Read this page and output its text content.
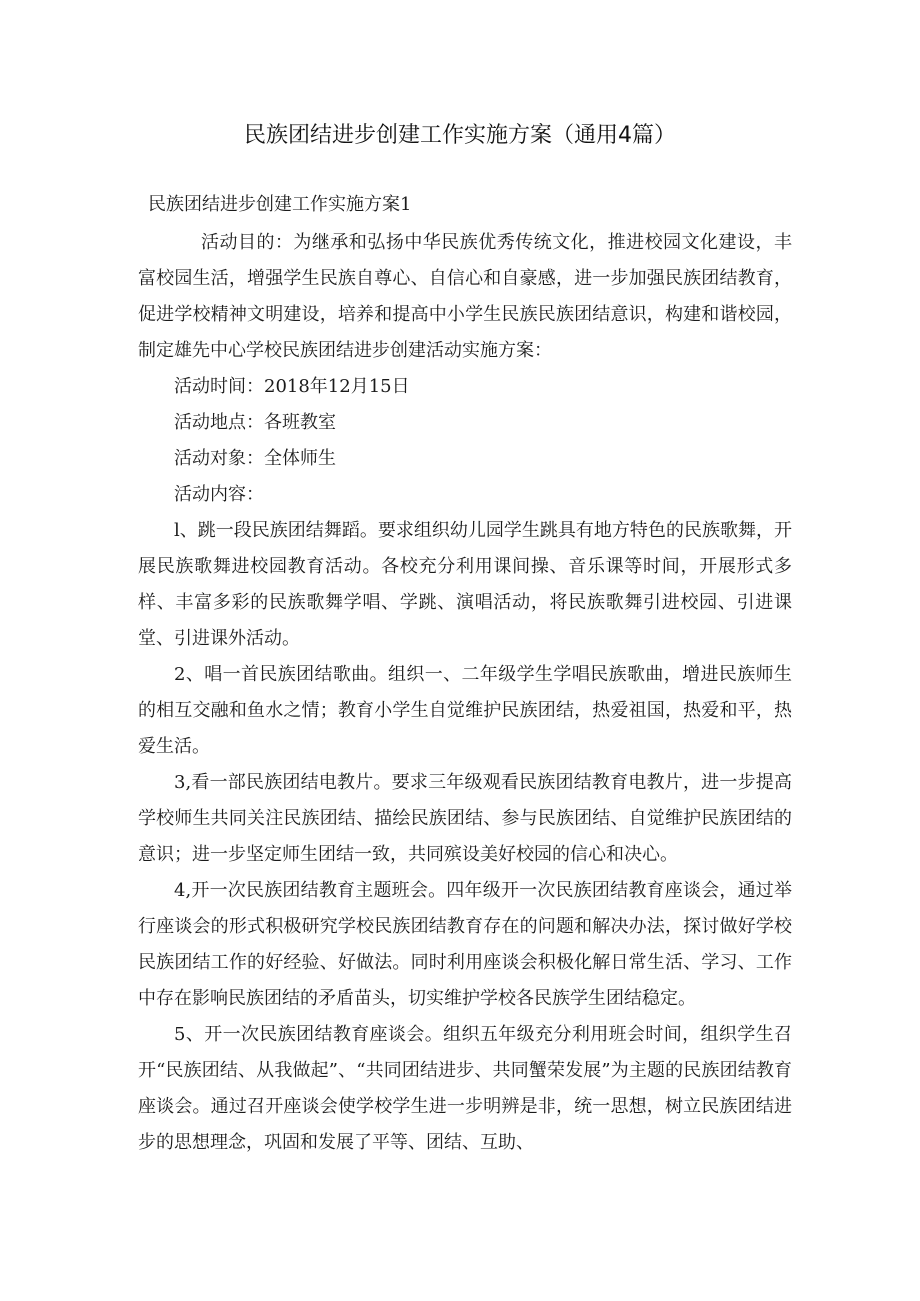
民族团结进步创建工作实施方案（通用4篇）
民族团结进步创建工作实施方案1

活动目的：为继承和弘扬中华民族优秀传统文化，推进校园文化建设，丰富校园生活，增强学生民族自尊心、自信心和自豪感，进一步加强民族团结教育，促进学校精神文明建设，培养和提高中小学生民族民族团结意识，构建和谐校园，制定雄先中心学校民族团结进步创建活动实施方案：

活动时间：2018年12月15日

活动地点：各班教室

活动对象：全体师生

活动内容：

l、跳一段民族团结舞蹈。要求组织幼儿园学生跳具有地方特色的民族歌舞，开展民族歌舞进校园教育活动。各校充分利用课间操、音乐课等时间，开展形式多样、丰富多彩的民族歌舞学唱、学跳、演唱活动，将民族歌舞引进校园、引进课堂、引进课外活动。

2、唱一首民族团结歌曲。组织一、二年级学生学唱民族歌曲，增进民族师生的相互交融和鱼水之情；教育小学生自觉维护民族团结，热爱祖国，热爱和平，热爱生活。

3,看一部民族团结电教片。要求三年级观看民族团结教育电教片，进一步提高学校师生共同关注民族团结、描绘民族团结、参与民族团结、自觉维护民族团结的意识；进一步坚定师生团结一致，共同殡设美好校园的信心和决心。

4,开一次民族团结教育主题班会。四年级开一次民族团结教育座谈会，通过举行座谈会的形式积极研究学校民族团结教育存在的问题和解决办法，探讨做好学校民族团结工作的好经验、好做法。同时利用座谈会积极化解日常生活、学习、工作中存在影响民族团结的矛盾苗头，切实维护学校各民族学生团结稳定。

5、开一次民族团结教育座谈会。组织五年级充分利用班会时间，组织学生召开“民族团结、从我做起”、“共同团结进步、共同蟹荣发展”为主题的民族团结教育座谈会。通过召开座谈会使学校学生进一步明辨是非，统一思想，树立民族团结进步的思想理念，巩固和发展了平等、团结、互助、
